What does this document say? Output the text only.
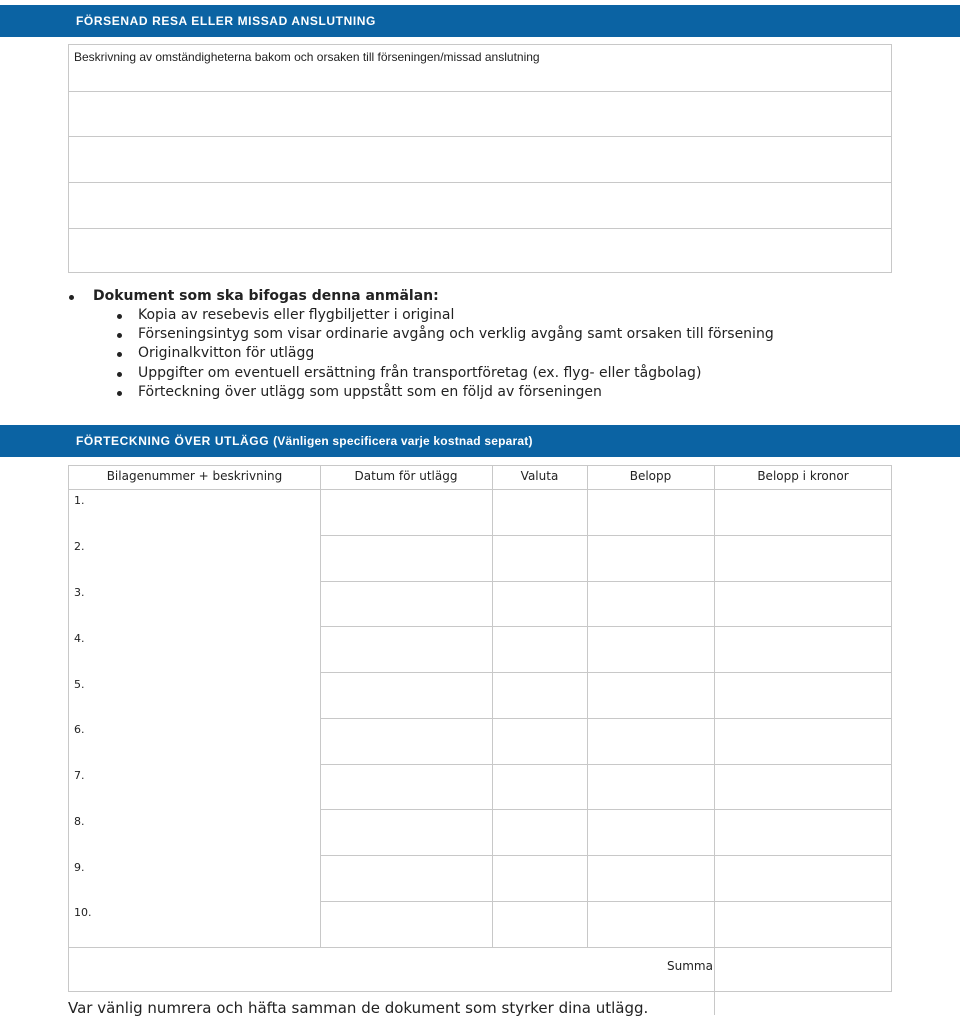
FÖRSENAD RESA ELLER MISSAD ANSLUTNING
Beskrivning av omständigheterna bakom och orsaken till förseningen/missad anslutning
Dokument som ska bifogas denna anmälan:
Kopia av resebevis eller flygbiljetter i original
Förseningsintyg som visar ordinarie avgång och verklig avgång samt orsaken till försening
Originalkvitton för utlägg
Uppgifter om eventuell ersättning från transportföretag (ex. flyg- eller tågbolag)
Förteckning över utlägg som uppstått som en följd av förseningen
FÖRTECKNING ÖVER UTLÄGG (Vänligen specificera varje kostnad separat)
Bilagenummer + beskrivning	Datum för utlägg	Valuta	Belopp	Belopp i kronor
1.
2.
3.
4.
5.
6.
7.
8.
9.
10.
Summa
Var vänlig numrera och häfta samman de dokument som styrker dina utlägg.
